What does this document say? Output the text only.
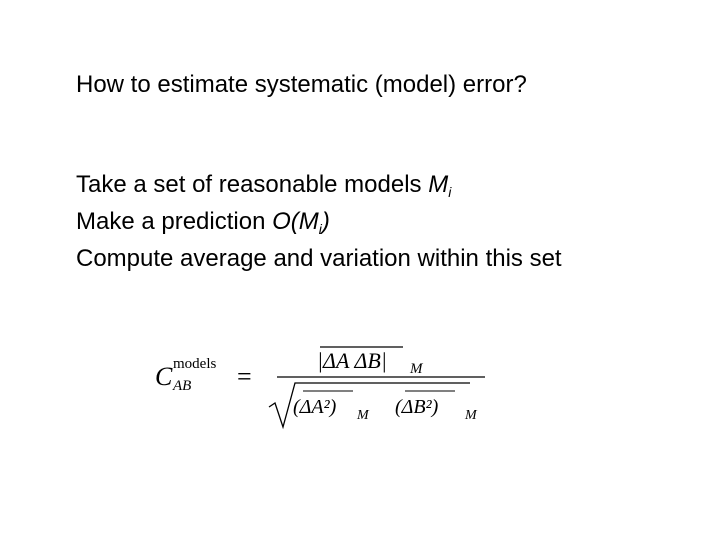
How to estimate systematic (model) error?
Take a set of reasonable models $M_i$
Make a prediction $O(M_i)$
Compute average and variation within this set
C models
AB =
|ΔA ΔB| M
(ΔA²) M (ΔB²) M
